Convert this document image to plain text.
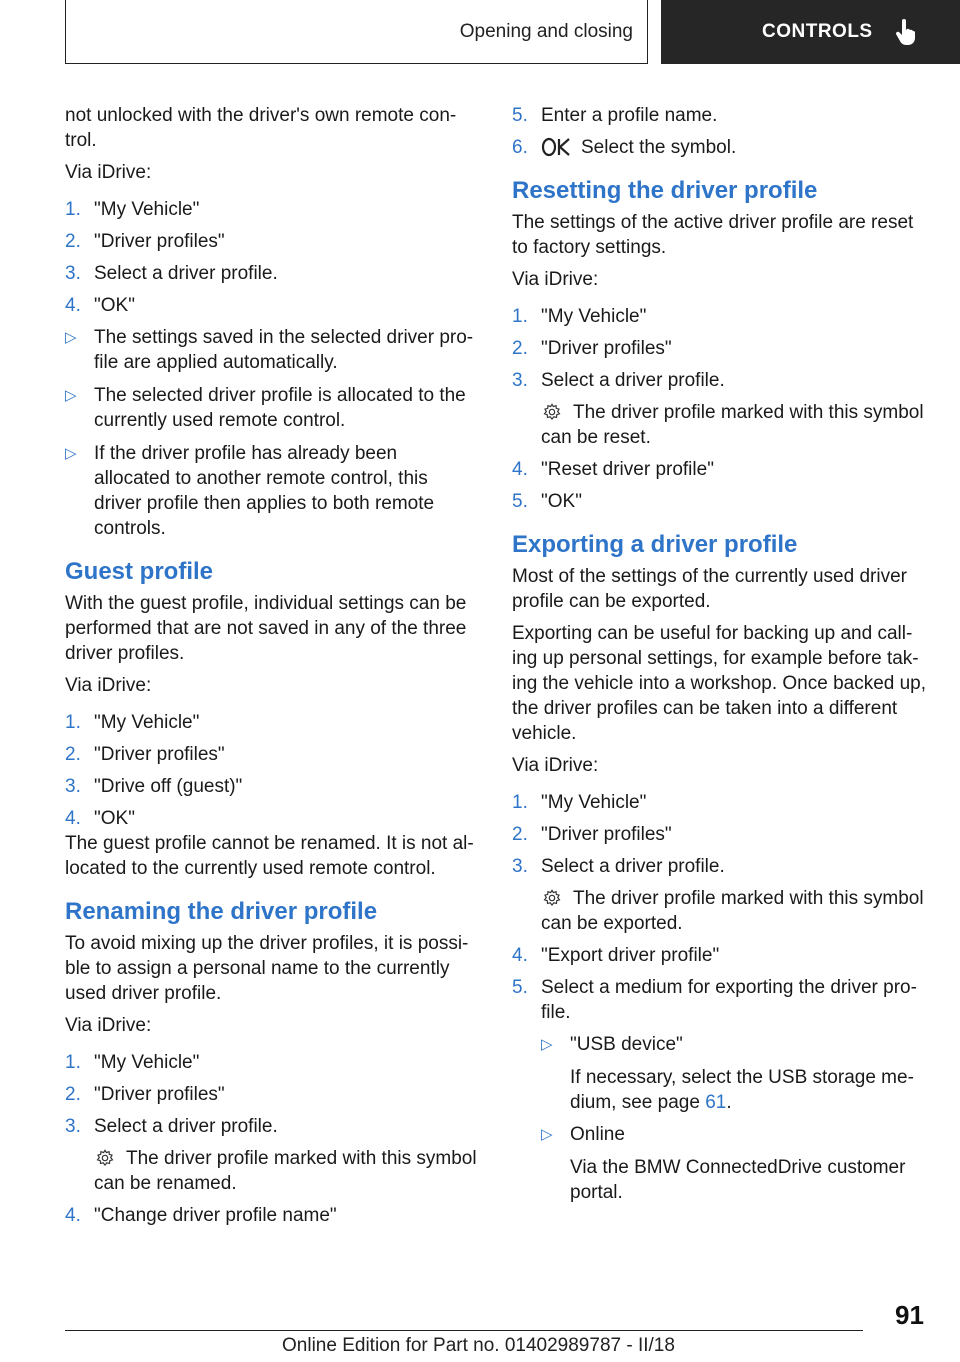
Opening and closing	CONTROLS

not unlocked with the driver's own remote con-trol.

Via iDrive:

1. "My Vehicle"
2. "Driver profiles"
3. Select a driver profile.
4. "OK"
▷ The settings saved in the selected driver pro-file are applied automatically.
▷ The selected driver profile is allocated to the currently used remote control.
▷ If the driver profile has already been allocated to another remote control, this driver profile then applies to both remote controls.
Guest profile

With the guest profile, individual settings can be performed that are not saved in any of the three driver profiles.

Via iDrive:

1. "My Vehicle"
2. "Driver profiles"
3. "Drive off (guest)"
4. "OK"

The guest profile cannot be renamed. It is not al-located to the currently used remote control.

Renaming the driver profile

To avoid mixing up the driver profiles, it is possi-ble to assign a personal name to the currently used driver profile.

Via iDrive:

1. "My Vehicle"
2. "Driver profiles"
3. Select a driver profile.

The driver profile marked with this symbol can be renamed.

4. "Change driver profile name"
5. Enter a profile name.
6.	Select the symbol.
Resetting the driver profile

The settings of the active driver profile are reset to factory settings.

Via iDrive:

1. "My Vehicle"
2. "Driver profiles"
3. Select a driver profile.

The driver profile marked with this symbol can be reset.

4. "Reset driver profile"
5. "OK"
Exporting a driver profile

Most of the settings of the currently used driver profile can be exported.

Exporting can be useful for backing up and call-ing up personal settings, for example before tak-ing the vehicle into a workshop. Once backed up, the driver profiles can be taken into a different vehicle.

Via iDrive:

1. "My Vehicle"
2. "Driver profiles"
3. Select a driver profile.

The driver profile marked with this symbol can be exported.

4. "Export driver profile"
5. Select a medium for exporting the driver pro-file.
▷ "USB device"

If necessary, select the USB storage me-dium, see page 61.

▷ Online

Via the BMW ConnectedDrive customer portal.

91
Online Edition for Part no. 01402989787 - II/18
